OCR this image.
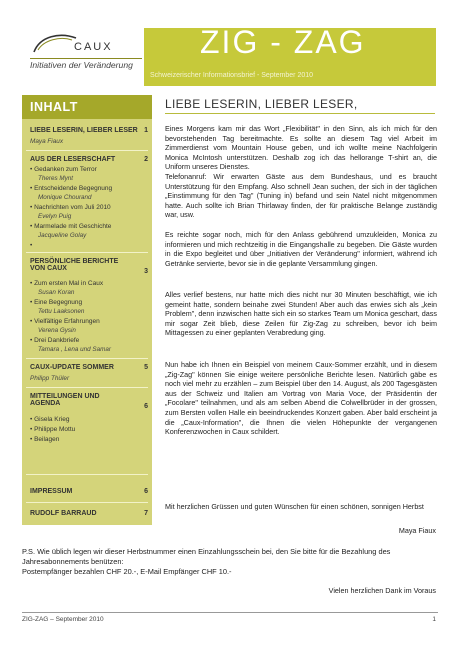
CAUX
Initiativen der Veränderung
ZIG - ZAG
Schweizerischer Informationsbrief - September 2010
INHALT
LIEBE LESERIN, LIEBER LESER 1
Maya Fiaux
AUS DER LESERSCHAFT	2
• Gedanken zum Terror
Theres Mynt
• Entscheidende Begegnung
Monique Chourand
• Nachrichten vom Juli 2010
Evelyn Puig
• Marmelade mit Geschichte
Jacqueline Golay
•
PERSÖNLICHE BERICHTE VON CAUX	3
• Zum ersten Mal in Caux
Susan Koran
• Eine Begegnung
Tettu Laaksonen
• Vielfältige Erfahrungen
Verena Gysin
• Drei Dankbriefe
Tamara , Lena und Samar
CAUX-UPDATE SOMMER	5
Philipp Thüler
MITTEILUNGEN UND AGENDA	6
• Gisela Krieg
• Philippe Mottu
• Beilagen
IMPRESSUM	6
RUDOLF BARRAUD	7
LIEBE LESERIN, LIEBER LESER,

Eines Morgens kam mir das Wort „Flexibilität" in den Sinn, als ich mich für den bevorstehenden Tag bereitmachte. Es sollte an diesem Tag viel Arbeit im Zimmerdienst vom Mountain House geben, und ich wollte meine Nachfolgerin Monica McIntosh unterstützen. Deshalb zog ich das hellorange T-shirt an, die Uniform unseres Dienstes.

Telefonanruf: Wir erwarten Gäste aus dem Bundeshaus, und es braucht Unterstützung für den Empfang. Also schnell Jean suchen, der sich in der täglichen „Einstimmung für den Tag" (Tuning in) befand und sein Natel nicht mitgenommen hatte. Auch sollte ich Brian Thirlaway finden, der für praktische Belange zuständig war, usw.

Es reichte sogar noch, mich für den Anlass gebührend umzukleiden, Monica zu informieren und mich rechtzeitig in die Eingangshalle zu begeben. Die Gäste wurden in die Expo begleitet und über „Initiativen der Veränderung" informiert, während ich Getränke servierte, bevor sie in die geplante Versammlung gingen.

Alles verlief bestens, nur hatte mich dies nicht nur 30 Minuten beschäftigt, wie ich gemeint hatte, sondern beinahe zwei Stunden! Aber auch das erwies sich als „kein Problem", denn inzwischen hatte sich ein so starkes Team um Monica geschart, dass mir sogar Zeit blieb, diese Zeilen für Zig-Zag zu schreiben, bevor ich beim Mittagessen zu einer geplanten Verabredung ging.

Nun habe ich Ihnen ein Beispiel von meinem Caux-Sommer erzählt, und in diesem „Zig-Zag" können Sie einige weitere persönliche Berichte lesen. Natürlich gäbe es noch viel mehr zu erzählen – zum Beispiel über den 14. August, als 200 Tagesgästen aus der Schweiz und Italien am Vortrag von Maria Voce, der Präsidentin der „Focolare" teilnahmen, und als am selben Abend die Colwellbrüder in der grossen, zum Bersten vollen Halle ein beeindruckendes Konzert gaben. Aber bald erscheint ja die „Caux-Information", die Ihnen die vielen Höhepunkte der vergangenen Konferenzwochen in Caux schildert.

Mit herzlichen Grüssen und guten Wünschen für einen schönen, sonnigen Herbst

Maya Fiaux

P.S. Wie üblich legen wir dieser Herbstnummer einen Einzahlungsschein bei, den Sie bitte für die Bezahlung des Jahresabonnements benützen:
Postempfänger bezahlen CHF 20.-, E-Mail Empfänger CHF 10.-

Vielen herzlichen Dank im Voraus
ZIG-ZAG – September 2010	1
